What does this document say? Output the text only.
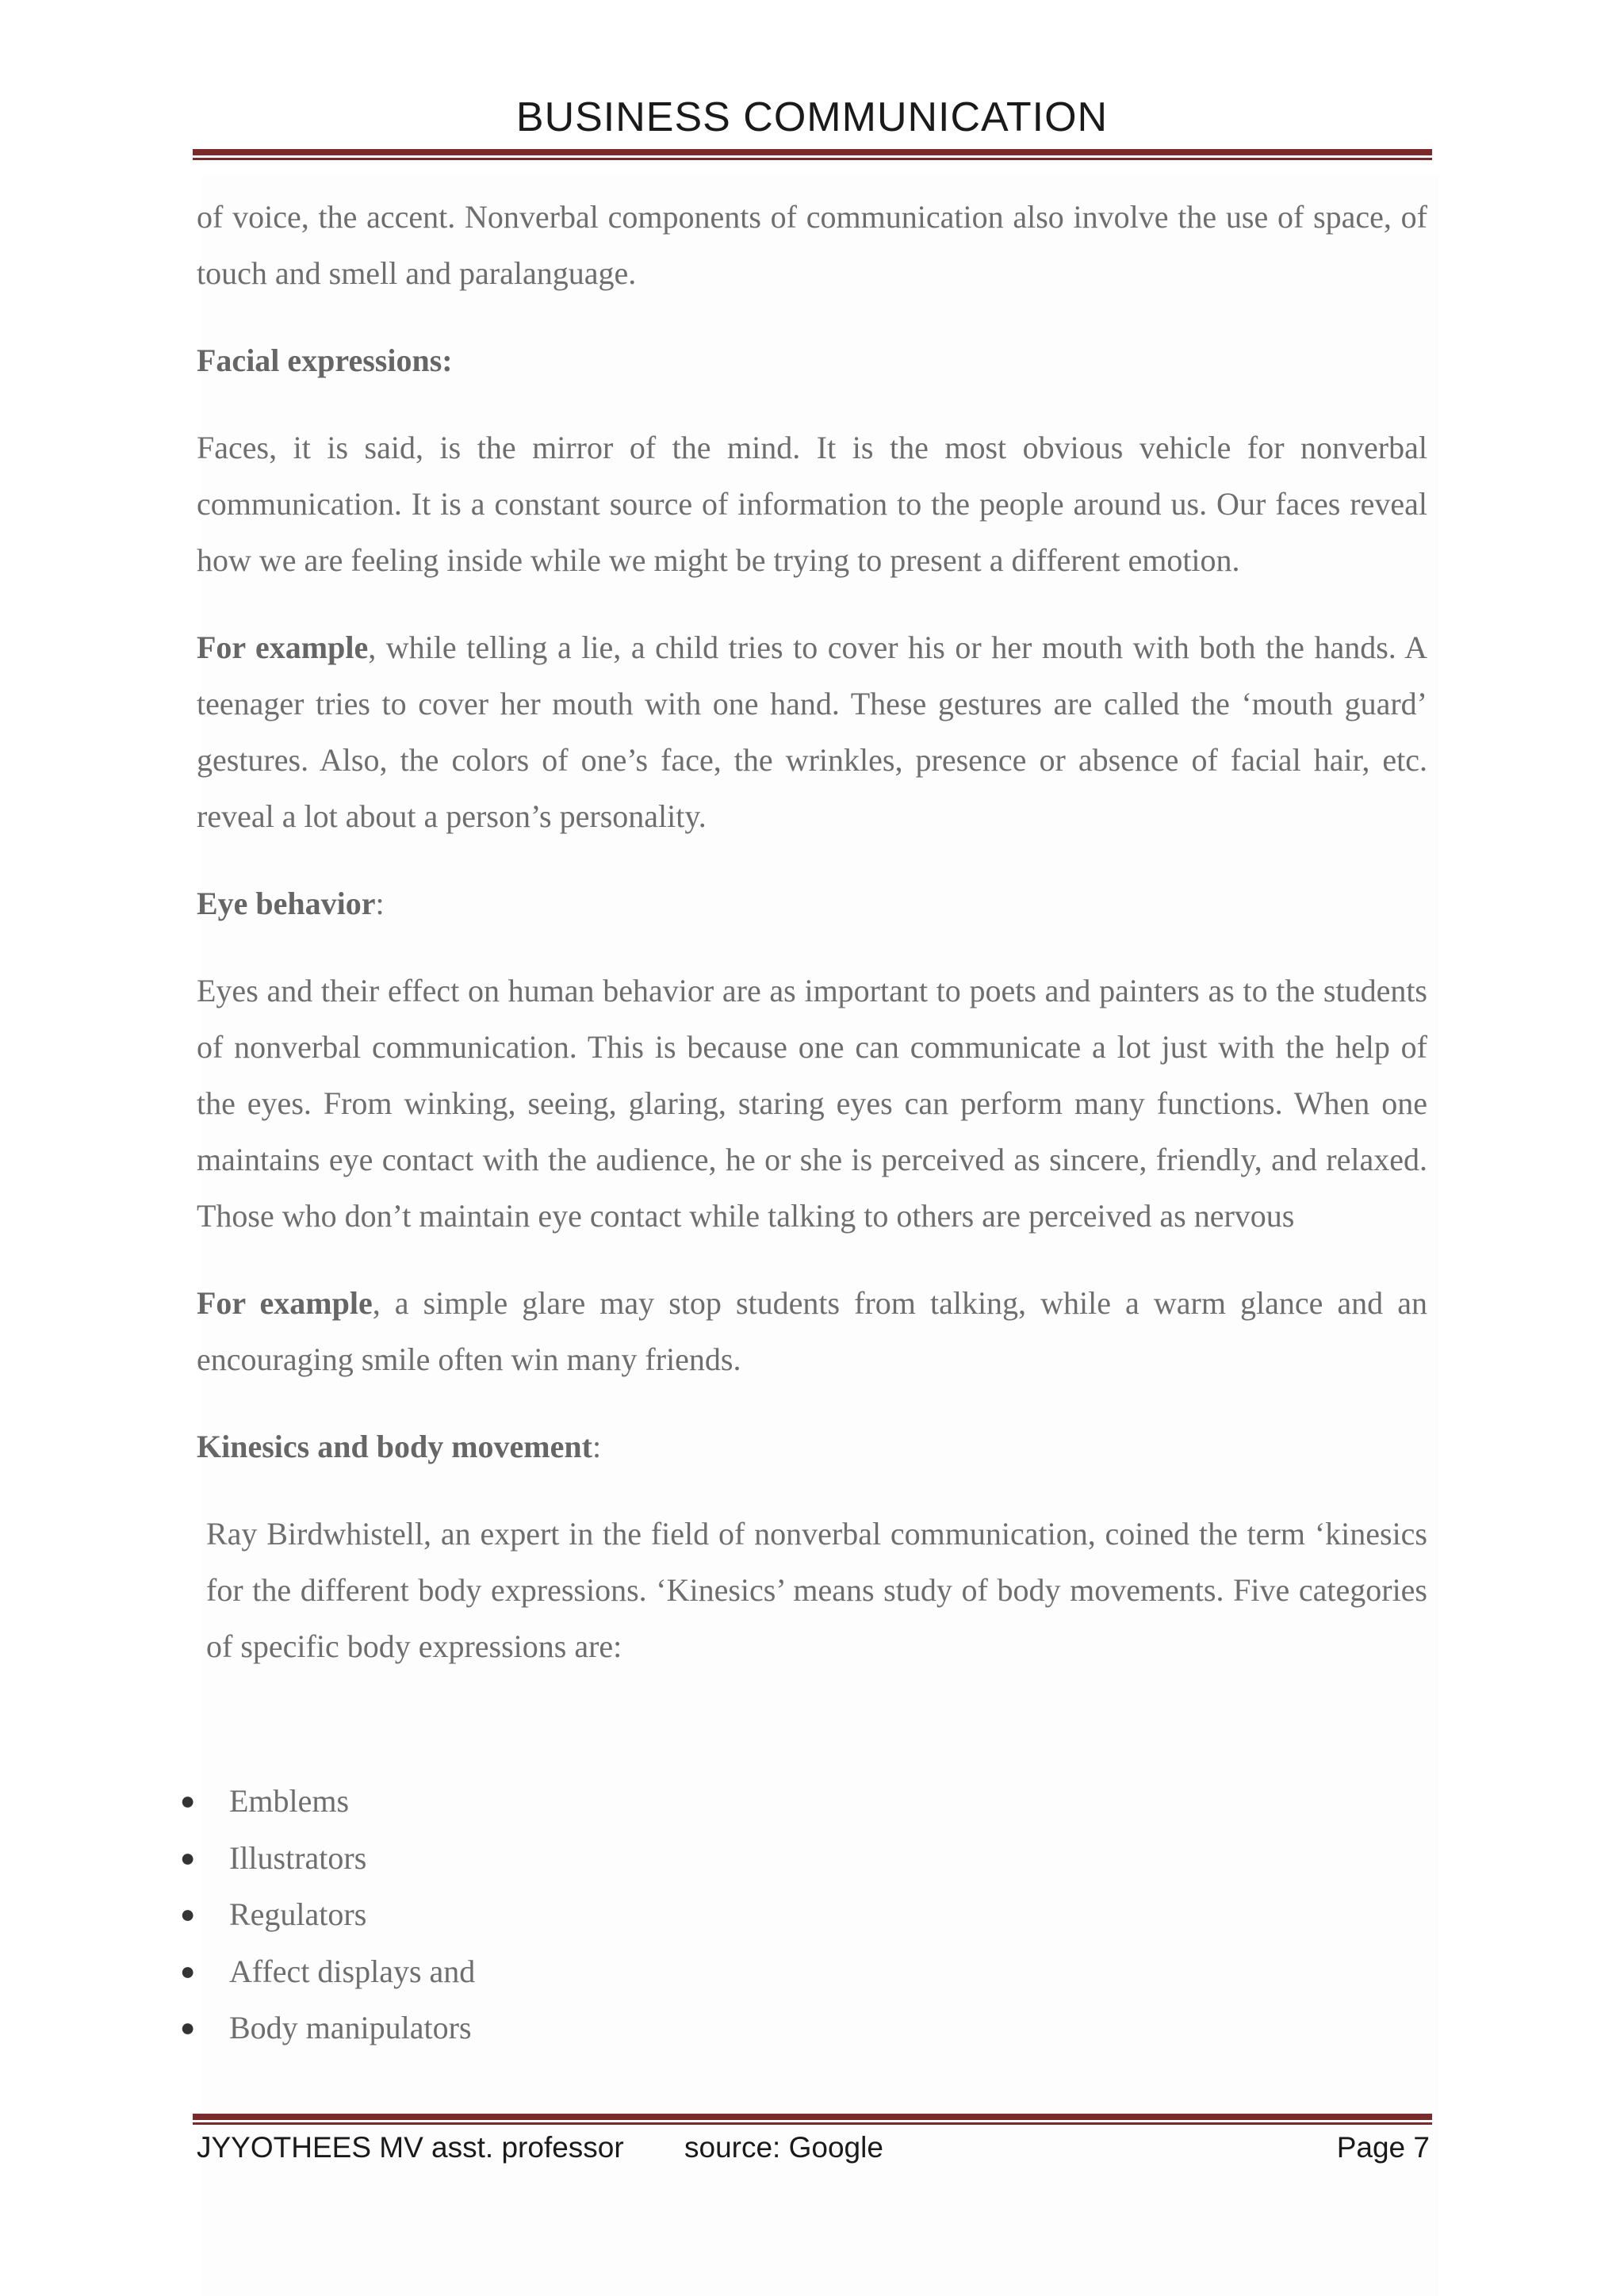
BUSINESS COMMUNICATION

of voice, the accent. Nonverbal components of communication also involve the use of space, of touch and smell and paralanguage.

Facial expressions:

Faces, it is said, is the mirror of the mind. It is the most obvious vehicle for nonverbal communication. It is a constant source of information to the people around us. Our faces reveal how we are feeling inside while we might be trying to present a different emotion.

For example, while telling a lie, a child tries to cover his or her mouth with both the hands. A teenager tries to cover her mouth with one hand. These gestures are called the ‘mouth guard’ gestures. Also, the colors of one’s face, the wrinkles, presence or absence of facial hair, etc. reveal a lot about a person’s personality.

Eye behavior:

Eyes and their effect on human behavior are as important to poets and painters as to the students of nonverbal communication. This is because one can communicate a lot just with the help of the eyes. From winking, seeing, glaring, staring eyes can perform many functions. When one maintains eye contact with the audience, he or she is perceived as sincere, friendly, and relaxed. Those who don’t maintain eye contact while talking to others are perceived as nervous

For example, a simple glare may stop students from talking, while a warm glance and an encouraging smile often win many friends.

Kinesics and body movement:

Ray Birdwhistell, an expert in the field of nonverbal communication, coined the term ‘kinesics for the different body expressions. ‘Kinesics’ means study of body movements. Five categories of specific body expressions are:

● Emblems
● Illustrators
● Regulators
● Affect displays and
● Body manipulators
JYYOTHEES MV asst. professor source: Google	Page 7
